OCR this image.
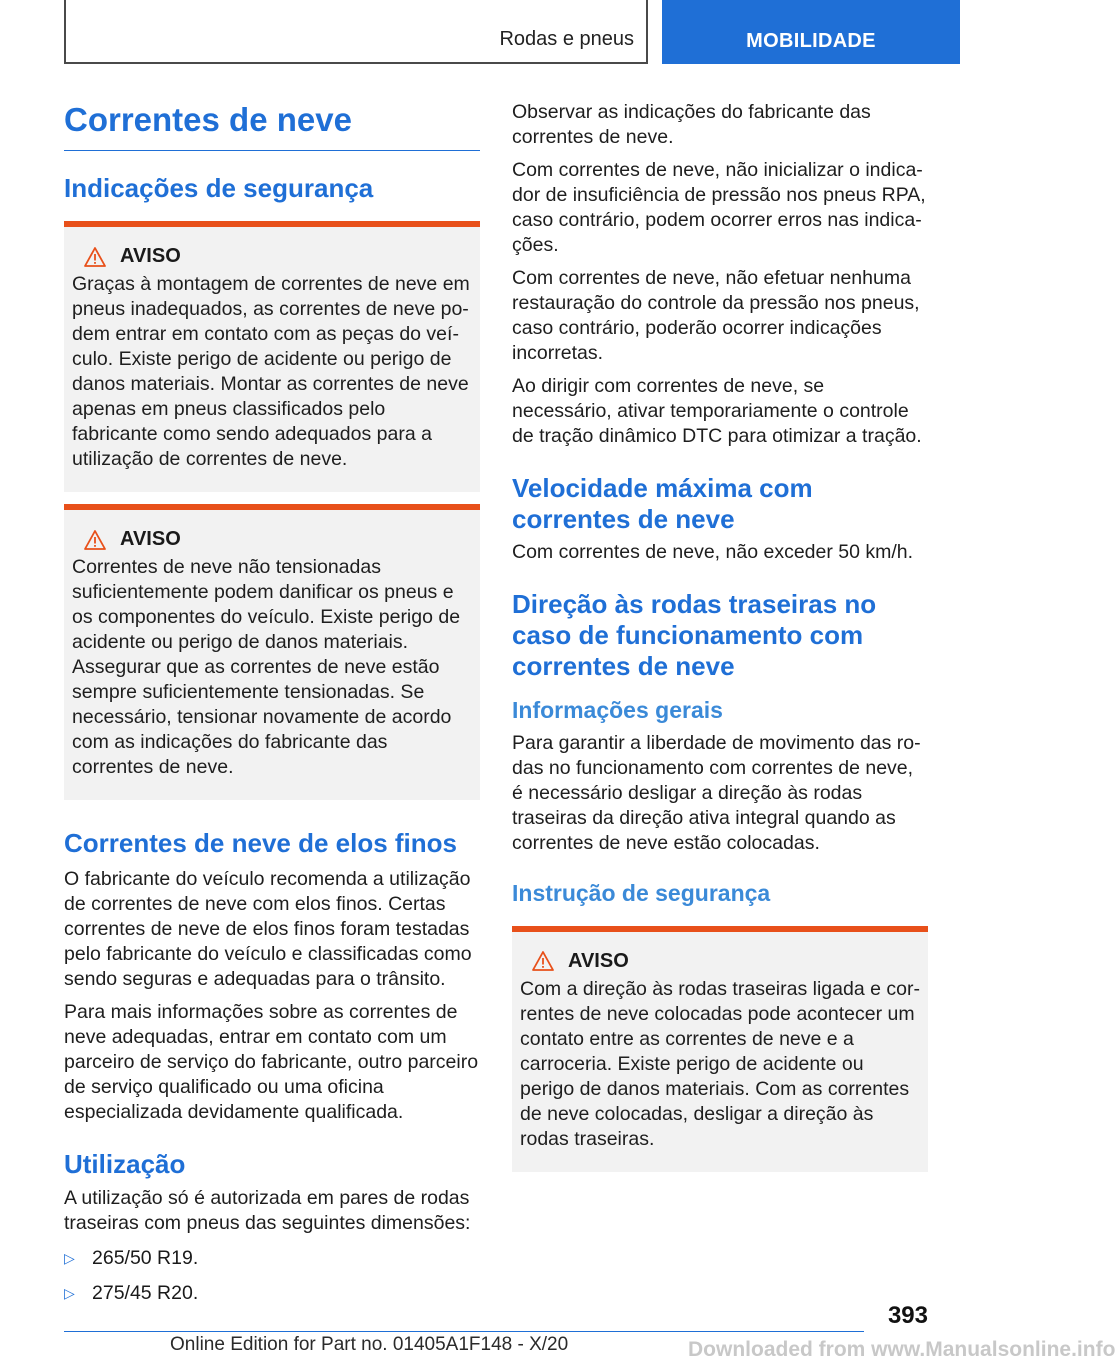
Rodas e pneus	MOBILIDADE
Correntes de neve
Indicações de segurança
AVISO

Graças à montagem de correntes de neve em pneus inadequados, as correntes de neve podem entrar em contato com as peças do veículo. Existe perigo de acidente ou perigo de danos materiais. Montar as correntes de neve apenas em pneus classificados pelo fabricante como sendo adequados para a utilização de correntes de neve.

AVISO

Correntes de neve não tensionadas suficientemente podem danificar os pneus e os componentes do veículo. Existe perigo de acidente ou perigo de danos materiais. Assegurar que as correntes de neve estão sempre suficientemente tensionadas. Se necessário, tensionar novamente de acordo com as indicações do fabricante das correntes de neve.

Correntes de neve de elos finos

O fabricante do veículo recomenda a utilização de correntes de neve com elos finos. Certas correntes de neve de elos finos foram testadas pelo fabricante do veículo e classificadas como sendo seguras e adequadas para o trânsito.

Para mais informações sobre as correntes de neve adequadas, entrar em contato com um parceiro de serviço do fabricante, outro parceiro de serviço qualificado ou uma oficina especializada devidamente qualificada.

Utilização

A utilização só é autorizada em pares de rodas traseiras com pneus das seguintes dimensões:

▷ 265/50 R19.
▷ 275/45 R20.

Observar as indicações do fabricante das correntes de neve.

Com correntes de neve, não inicializar o indicador de insuficiência de pressão nos pneus RPA, caso contrário, podem ocorrer erros nas indicações.

Com correntes de neve, não efetuar nenhuma restauração do controle da pressão nos pneus, caso contrário, poderão ocorrer indicações incorretas.

Ao dirigir com correntes de neve, se necessário, ativar temporariamente o controle de tração dinâmico DTC para otimizar a tração.

Velocidade máxima com correntes de neve

Com correntes de neve, não exceder 50 km/h.

Direção às rodas traseiras no caso de funcionamento com correntes de neve
Informações gerais

Para garantir a liberdade de movimento das rodas no funcionamento com correntes de neve, é necessário desligar a direção às rodas traseiras da direção ativa integral quando as correntes de neve estão colocadas.

Instrução de segurança
AVISO

Com a direção às rodas traseiras ligada e correntes de neve colocadas pode acontecer um contato entre as correntes de neve e a carroceria. Existe perigo de acidente ou perigo de danos materiais. Com as correntes de neve colocadas, desligar a direção às rodas traseiras.

393
Online Edition for Part no. 01405A1F148 - X/20	Downloaded from www.Manualsonline.info
